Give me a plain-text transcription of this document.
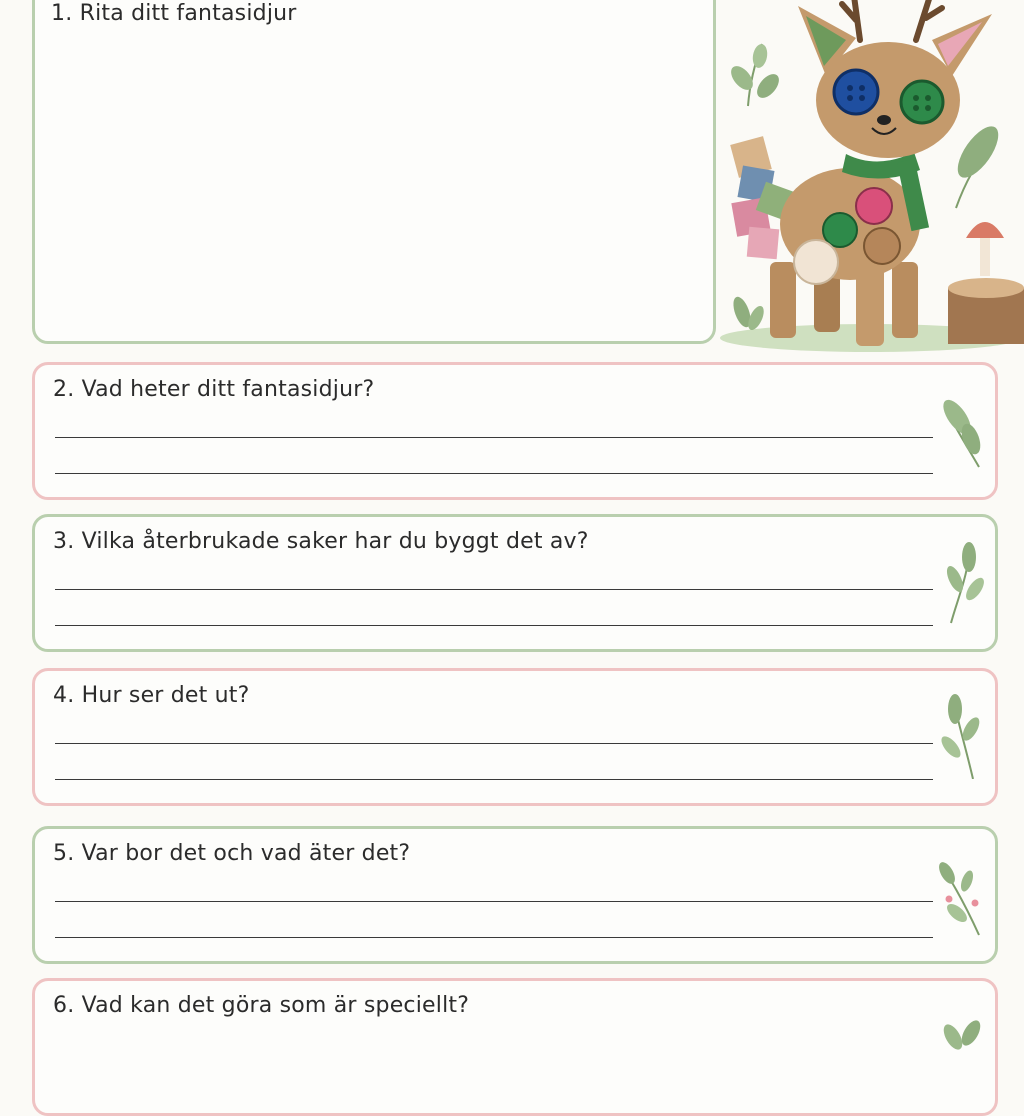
1. Rita ditt fantasidjur
2. Vad heter ditt fantasidjur?
3. Vilka återbrukade saker har du byggt det av?
4. Hur ser det ut?
5. Var bor det och vad äter det?
6. Vad kan det göra som är speciellt?
